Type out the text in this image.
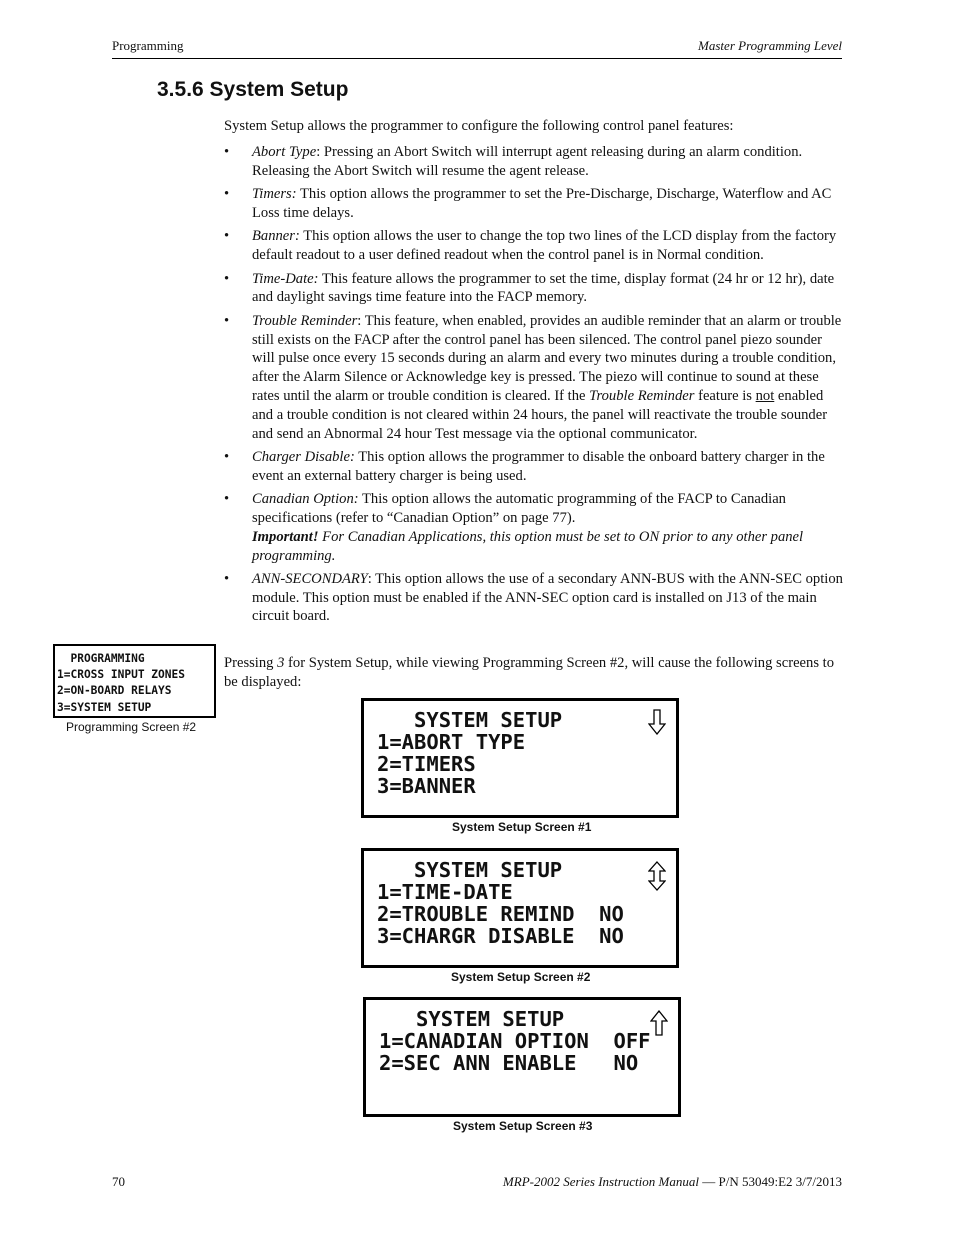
Programming	Master Programming Level
3.5.6 System Setup
System Setup allows the programmer to configure the following control panel features:
• Abort Type: Pressing an Abort Switch will interrupt agent releasing during an alarm condition. Releasing the Abort Switch will resume the agent release.
• Timers: This option allows the programmer to set the Pre-Discharge, Discharge, Waterflow and AC Loss time delays.
• Banner: This option allows the user to change the top two lines of the LCD display from the factory default readout to a user defined readout when the control panel is in Normal condition.
• Time-Date: This feature allows the programmer to set the time, display format (24 hr or 12 hr), date and daylight savings time feature into the FACP memory.
• Trouble Reminder: This feature, when enabled, provides an audible reminder that an alarm or trouble still exists on the FACP after the control panel has been silenced. The control panel piezo sounder will pulse once every 15 seconds during an alarm and every two minutes during a trouble condition, after the Alarm Silence or Acknowledge key is pressed. The piezo will continue to sound at these rates until the alarm or trouble condition is cleared. If the Trouble Reminder feature is not enabled and a trouble condition is not cleared within 24 hours, the panel will reactivate the trouble sounder and send an Abnormal 24 hour Test message via the optional communicator.
• Charger Disable: This option allows the programmer to disable the onboard battery charger in the event an external battery charger is being used.
• Canadian Option: This option allows the automatic programming of the FACP to Canadian specifications (refer to “Canadian Option” on page 77).
Important! For Canadian Applications, this option must be set to ON prior to any other panel programming.
• ANN-SECONDARY: This option allows the use of a secondary ANN-BUS with the ANN-SEC option module. This option must be enabled if the ANN-SEC option card is installed on J13 of the main circuit board.
PROGRAMMING
1=CROSS INPUT ZONES
2=ON-BOARD RELAYS
3=SYSTEM SETUP
Programming Screen #2
Pressing 3 for System Setup, while viewing Programming Screen #2, will cause the following screens to be displayed:
SYSTEM SETUP
1=ABORT TYPE
2=TIMERS
3=BANNER
System Setup Screen #1
SYSTEM SETUP
1=TIME-DATE
2=TROUBLE REMIND  NO
3=CHARGR DISABLE  NO
System Setup Screen #2
SYSTEM SETUP
1=CANADIAN OPTION  OFF
2=SEC ANN ENABLE   NO
System Setup Screen #3
70	MRP-2002 Series Instruction Manual — P/N 53049:E2 3/7/2013
